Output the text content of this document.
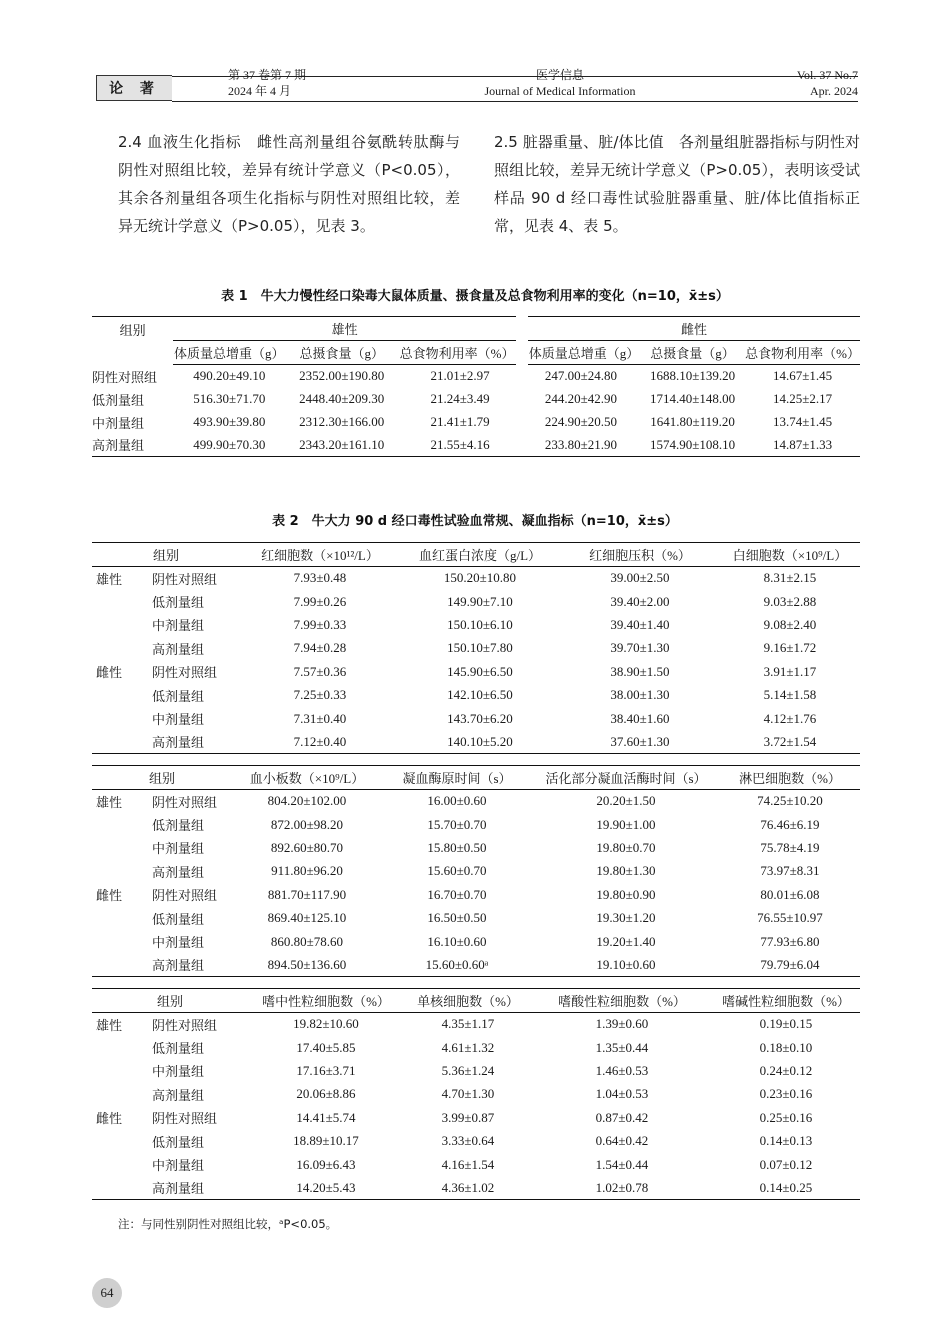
论 著
第 37 卷第 7 期
2024 年 4 月
医学信息
Journal of Medical Information
Vol. 37 No.7
Apr. 2024
2.4 血液生化指标　雌性高剂量组谷氨酰转肽酶与阴性对照组比较，差异有统计学意义（P<0.05），其余各剂量组各项生化指标与阴性对照组比较，差异无统计学意义（P>0.05），见表 3。
2.5 脏器重量、脏/体比值　各剂量组脏器指标与阴性对照组比较，差异无统计学意义（P>0.05），表明该受试样品 90 d 经口毒性试验脏器重量、脏/体比值指标正常，见表 4、表 5。
表 1　牛大力慢性经口染毒大鼠体质量、摄食量及总食物利用率的变化（n=10，x̄±s）
组别	雄性			雌性		
	体质量总增重（g）	总摄食量（g）	总食物利用率（%）	体质量总增重（g）	总摄食量（g）	总食物利用率（%）
阴性对照组	490.20±49.10	2352.00±190.80	21.01±2.97	247.00±24.80	1688.10±139.20	14.67±1.45
低剂量组	516.30±71.70	2448.40±209.30	21.24±3.49	244.20±42.90	1714.40±148.00	14.25±2.17
中剂量组	493.90±39.80	2312.30±166.00	21.41±1.79	224.90±20.50	1641.80±119.20	13.74±1.45
高剂量组	499.90±70.30	2343.20±161.10	21.55±4.16	233.80±21.90	1574.90±108.10	14.87±1.33
表 2　牛大力 90 d 经口毒性试验血常规、凝血指标（n=10，x̄±s）
组别		红细胞数（×10¹²/L）	血红蛋白浓度（g/L）	红细胞压积（%）	白细胞数（×10⁹/L）
雄性	阴性对照组	7.93±0.48	150.20±10.80	39.00±2.50	8.31±2.15
	低剂量组	7.99±0.26	149.90±7.10	39.40±2.00	9.03±2.88
	中剂量组	7.99±0.33	150.10±6.10	39.40±1.40	9.08±2.40
	高剂量组	7.94±0.28	150.10±7.80	39.70±1.30	9.16±1.72
雌性	阴性对照组	7.57±0.36	145.90±6.50	38.90±1.50	3.91±1.17
	低剂量组	7.25±0.33	142.10±6.50	38.00±1.30	5.14±1.58
	中剂量组	7.31±0.40	143.70±6.20	38.40±1.60	4.12±1.76
	高剂量组	7.12±0.40	140.10±5.20	37.60±1.30	3.72±1.54
组别		血小板数（×10⁹/L）	凝血酶原时间（s）	活化部分凝血活酶时间（s）	淋巴细胞数（%）
雄性	阴性对照组	804.20±102.00	16.00±0.60	20.20±1.50	74.25±10.20
	低剂量组	872.00±98.20	15.70±0.70	19.90±1.00	76.46±6.19
	中剂量组	892.60±80.70	15.80±0.50	19.80±0.70	75.78±4.19
	高剂量组	911.80±96.20	15.60±0.70	19.80±1.30	73.97±8.31
雌性	阴性对照组	881.70±117.90	16.70±0.70	19.80±0.90	80.01±6.08
	低剂量组	869.40±125.10	16.50±0.50	19.30±1.20	76.55±10.97
	中剂量组	860.80±78.60	16.10±0.60	19.20±1.40	77.93±6.80
	高剂量组	894.50±136.60	15.60±0.60ᵃ	19.10±0.60	79.79±6.04
组别		嗜中性粒细胞数（%）	单核细胞数（%）	嗜酸性粒细胞数（%）	嗜碱性粒细胞数（%）
雄性	阴性对照组	19.82±10.60	4.35±1.17	1.39±0.60	0.19±0.15
	低剂量组	17.40±5.85	4.61±1.32	1.35±0.44	0.18±0.10
	中剂量组	17.16±3.71	5.36±1.24	1.46±0.53	0.24±0.12
	高剂量组	20.06±8.86	4.70±1.30	1.04±0.53	0.23±0.16
雌性	阴性对照组	14.41±5.74	3.99±0.87	0.87±0.42	0.25±0.16
	低剂量组	18.89±10.17	3.33±0.64	0.64±0.42	0.14±0.13
	中剂量组	16.09±6.43	4.16±1.54	1.54±0.44	0.07±0.12
	高剂量组	14.20±5.43	4.36±1.02	1.02±0.78	0.14±0.25
注：与同性别阴性对照组比较，ᵃP<0.05。
64
